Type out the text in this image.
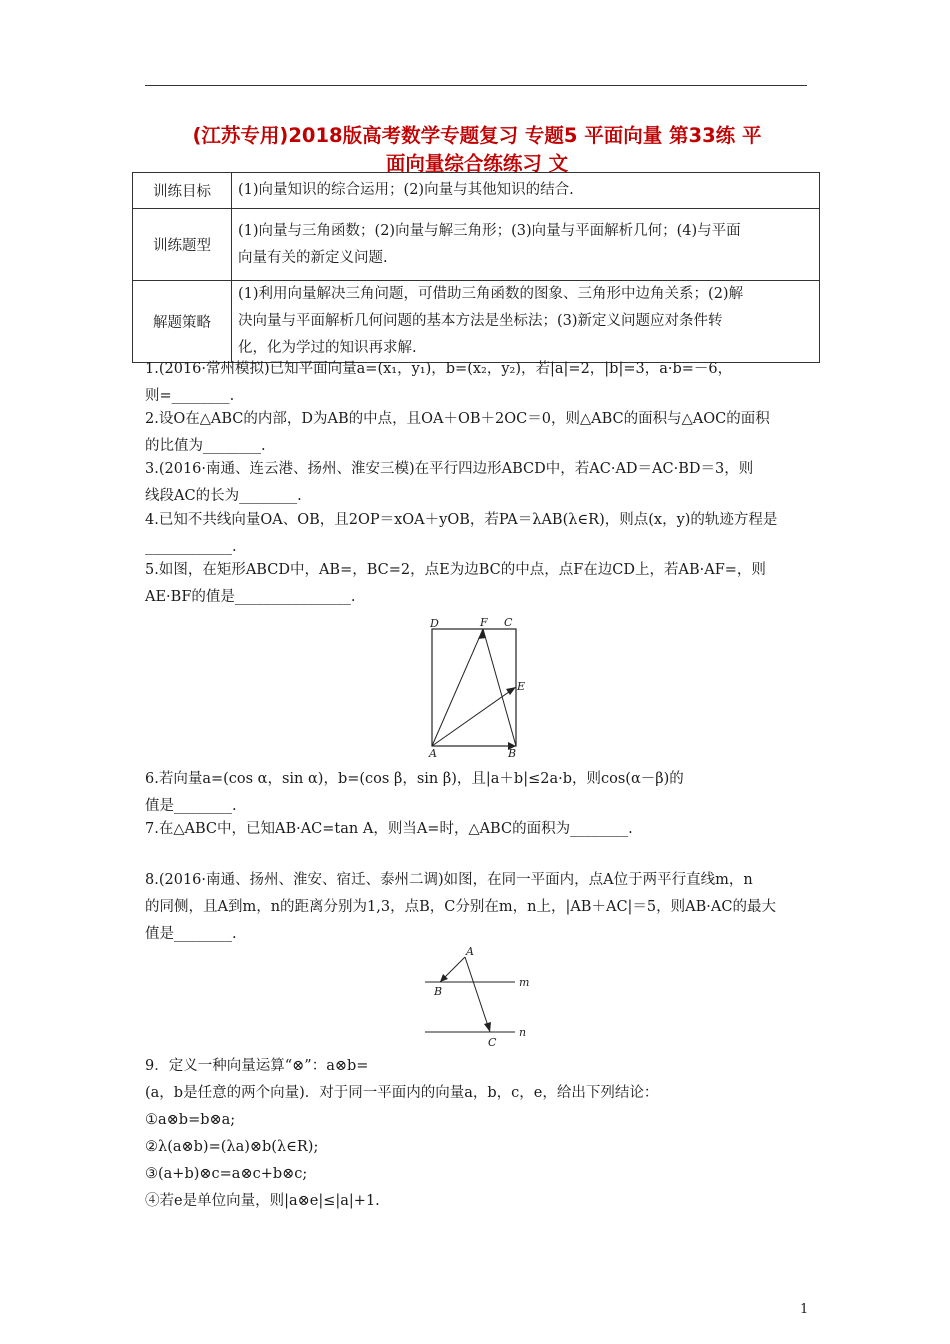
(江苏专用)2018版高考数学专题复习 专题5 平面向量 第33练 平
面向量综合练练习 文
训练目标	(1)向量知识的综合运用；(2)向量与其他知识的结合.

训练题型	(1)向量与三角函数；(2)向量与解三角形；(3)向量与平面解析几何；(4)与平面
向量有关的新定义问题.

解题策略	(1)利用向量解决三角问题，可借助三角函数的图象、三角形中边角关系；(2)解
决向量与平面解析几何问题的基本方法是坐标法；(3)新定义问题应对条件转
化，化为学过的知识再求解.

1.(2016·常州模拟)已知平面向量a=(x₁，y₁)，b=(x₂，y₂)，若|a|=2，|b|=3，a·b=－6，

则=________.

2.设O在△ABC的内部，D为AB的中点，且OA＋OB＋2OC＝0，则△ABC的面积与△AOC的面积

的比值为________.

3.(2016·南通、连云港、扬州、淮安三模)在平行四边形ABCD中，若AC·AD＝AC·BD＝3，则

线段AC的长为________.

4.已知不共线向量OA、OB，且2OP＝xOA＋yOB，若PA＝λAB(λ∈R)，则点(x，y)的轨迹方程是

____________.

5.如图，在矩形ABCD中，AB=，BC=2，点E为边BC的中点，点F在边CD上，若AB·AF=，则

AE·BF的值是________________.

D	F C
E
A	B

6.若向量a=(cos α，sin α)，b=(cos β，sin β)，且|a＋b|≤2a·b，则cos(α－β)的

值是________.

7.在△ABC中，已知AB·AC=tan A，则当A=时，△ABC的面积为________.

8.(2016·南通、扬州、淮安、宿迁、泰州二调)如图，在同一平面内，点A位于两平行直线m，n

的同侧，且A到m，n的距离分别为1,3，点B，C分别在m，n上，|AB＋AC|＝5，则AB·AC的最大

值是________.

A
B
C
m
n

9．定义一种向量运算“⊗”：a⊗b=

(a，b是任意的两个向量)．对于同一平面内的向量a，b，c，e，给出下列结论：

①a⊗b=b⊗a;

②λ(a⊗b)=(λa)⊗b(λ∈R);

③(a+b)⊗c=a⊗c+b⊗c;

④若e是单位向量，则|a⊗e|≤|a|+1.

1
